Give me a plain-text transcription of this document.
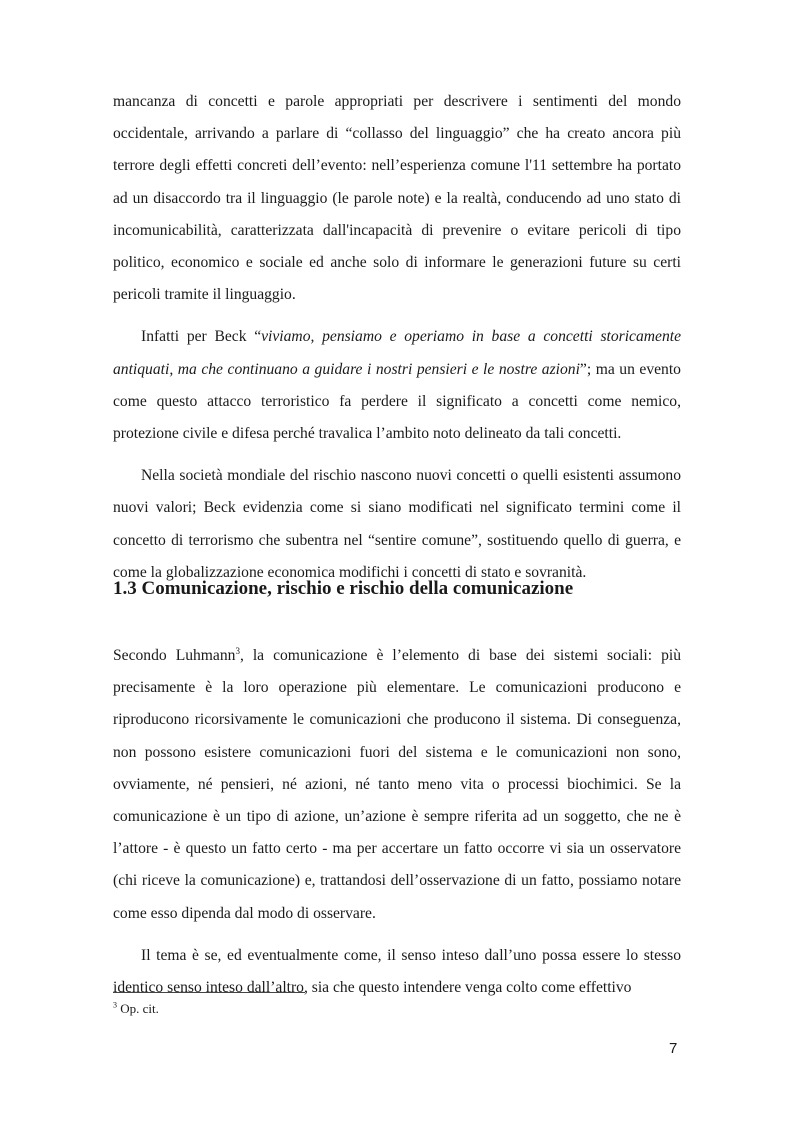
mancanza di concetti e parole appropriati per descrivere i sentimenti del mondo occidentale, arrivando a parlare di “collasso del linguaggio” che ha creato ancora più terrore degli effetti concreti dell’evento: nell’esperienza comune l'11 settembre ha portato ad un disaccordo tra il linguaggio (le parole note) e la realtà, conducendo ad uno stato di incomunicabilità, caratterizzata dall'incapacità di prevenire o evitare pericoli di tipo politico, economico e sociale ed anche solo di informare le generazioni future su certi pericoli tramite il linguaggio.

Infatti per Beck “viviamo, pensiamo e operiamo in base a concetti storicamente antiquati, ma che continuano a guidare i nostri pensieri e le nostre azioni”; ma un evento come questo attacco terroristico fa perdere il significato a concetti come nemico, protezione civile e difesa perché travalica l’ambito noto delineato da tali concetti.

Nella società mondiale del rischio nascono nuovi concetti o quelli esistenti assumono nuovi valori; Beck evidenzia come si siano modificati nel significato termini come il concetto di terrorismo che subentra nel “sentire comune”, sostituendo quello di guerra, e come la globalizzazione economica modifichi i concetti di stato e sovranità.

1.3 Comunicazione, rischio e rischio della comunicazione

Secondo Luhmann$^3$, la comunicazione è l’elemento di base dei sistemi sociali: più precisamente è la loro operazione più elementare. Le comunicazioni producono e riproducono ricorsivamente le comunicazioni che producono il sistema. Di conseguenza, non possono esistere comunicazioni fuori del sistema e le comunicazioni non sono, ovviamente, né pensieri, né azioni, né tanto meno vita o processi biochimici. Se la comunicazione è un tipo di azione, un’azione è sempre riferita ad un soggetto, che ne è l’attore - è questo un fatto certo - ma per accertare un fatto occorre vi sia un osservatore (chi riceve la comunicazione) e, trattandosi dell’osservazione di un fatto, possiamo notare come esso dipenda dal modo di osservare.

Il tema è se, ed eventualmente come, il senso inteso dall’uno possa essere lo stesso identico senso inteso dall’altro, sia che questo intendere venga colto come effettivo

$^3$ Op. cit.
7
